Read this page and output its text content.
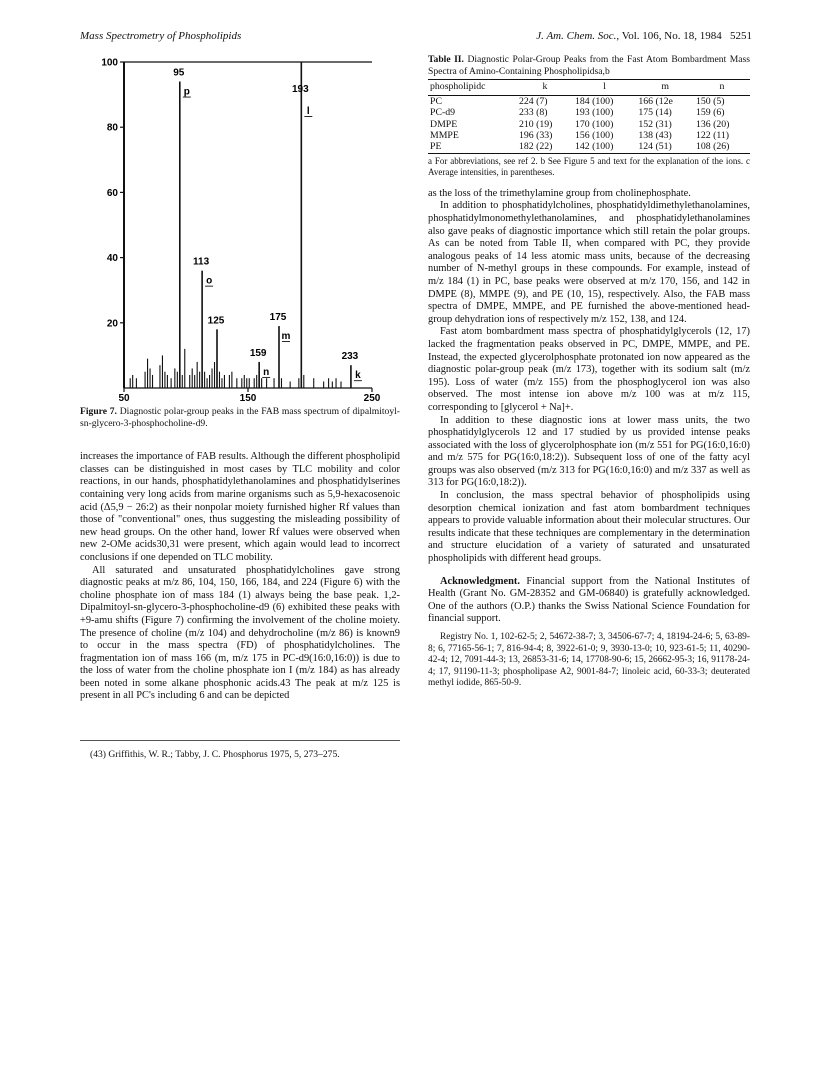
Mass Spectrometry of Phospholipids	J. Am. Chem. Soc., Vol. 106, No. 18, 1984 5251
20
40
60
80
100
50	150	250
95
p
113
o
125
159
n
175
m
193
l
233
k
Figure 7. Diagnostic polar-group peaks in the FAB mass spectrum of dipalmitoyl-sn-glycero-3-phosphocholine-d9.

increases the importance of FAB results. Although the different phospholipid classes can be distinguished in most cases by TLC mobility and color reactions, in our hands, phosphatidylethanolamines and phosphatidylserines containing very long acids from marine organisms such as 5,9-hexacosenoic acid (Δ5,9 − 26:2) as their nonpolar moiety furnished higher Rf values than those of "conventional" ones, thus suggesting the misleading possibility of new head groups. On the other hand, lower Rf values were observed when new 2-OMe acids30,31 were present, which again would lead to incorrect conclusions if one depended on TLC mobility.

All saturated and unsaturated phosphatidylcholines gave strong diagnostic peaks at m/z 86, 104, 150, 166, 184, and 224 (Figure 6) with the choline phosphate ion of mass 184 (1) always being the base peak. 1,2-Dipalmitoyl-sn-glycero-3-phosphocholine-d9 (6) exhibited these peaks with +9-amu shifts (Figure 7) confirming the involvement of the choline moiety. The presence of choline (m/z 104) and dehydrocholine (m/z 86) is known9 to occur in the mass spectra (FD) of phosphatidylcholines. The fragmentation ion of mass 166 (m, m/z 175 in PC-d9(16:0,16:0)) is due to the loss of water from the choline phosphate ion I (m/z 184) as has already been noted in some alkane phosphonic acids.43 The peak at m/z 125 is present in all PC's including 6 and can be depicted

(43) Griffithis, W. R.; Tabby, J. C. Phosphorus 1975, 5, 273–275.
Table II. Diagnostic Polar-Group Peaks from the Fast Atom Bombardment Mass Spectra of Amino-Containing Phospholipidsa,b
phospholipidc	k	l	m	n
PC	224 (7)	184 (100)	166 (12e	150 (5)
PC-d9	233 (8)	193 (100)	175 (14)	159 (6)
DMPE	210 (19)	170 (100)	152 (31)	136 (20)
MMPE	196 (33)	156 (100)	138 (43)	122 (11)
PE	182 (22)	142 (100)	124 (51)	108 (26)
a For abbreviations, see ref 2. b See Figure 5 and text for the explanation of the ions. c Average intensities, in parentheses.

as the loss of the trimethylamine group from cholinephosphate.

In addition to phosphatidylcholines, phosphatidyldimethylethanolamines, phosphatidylmonomethylethanolamines, and phosphatidylethanolamines also gave peaks of diagnostic importance which still retain the polar groups. As can be noted from Table II, when compared with PC, they provide analogous peaks of 14 less atomic mass units, because of the decreasing number of N-methyl groups in these compounds. For example, instead of m/z 184 (1) in PC, base peaks were observed at m/z 170, 156, and 142 in DMPE (8), MMPE (9), and PE (10, 15), respectively. Also, the FAB mass spectra of DMPE, MMPE, and PE furnished the above-mentioned head-group dehydration ions of respectively m/z 152, 138, and 124.

Fast atom bombardment mass spectra of phosphatidylglycerols (12, 17) lacked the fragmentation peaks observed in PC, DMPE, MMPE, and PE. Instead, the expected glycerolphosphate protonated ion now appeared as the diagnostic polar-group peak (m/z 173), together with its sodium salt (m/z 195). Loss of water (m/z 155) from the phosphoglycerol ion was also observed. The most intense ion above m/z 100 was at m/z 115, corresponding to [glycerol + Na]+.

In addition to these diagnostic ions at lower mass units, the two phosphatidylglycerols 12 and 17 studied by us provided intense peaks associated with the loss of glycerolphosphate ion (m/z 551 for PG(16:0,16:0) and m/z 575 for PG(16:0,18:2)). Subsequent loss of one of the fatty acyl groups was also observed (m/z 313 for PG(16:0,16:0) and m/z 337 as well as 313 for PG(16:0,18:2)).

In conclusion, the mass spectral behavior of phospholipids using desorption chemical ionization and fast atom bombardment techniques appears to provide valuable information about their molecular structures. Our results indicate that these techniques are complementary in the determination and structure elucidation of a variety of saturated and unsaturated phospholipids with different head groups.

Acknowledgment. Financial support from the National Institutes of Health (Grant No. GM-28352 and GM-06840) is gratefully acknowledged. One of the authors (O.P.) thanks the Swiss National Science Foundation for financial support.

Registry No. 1, 102-62-5; 2, 54672-38-7; 3, 34506-67-7; 4, 18194-24-6; 5, 63-89-8; 6, 77165-56-1; 7, 816-94-4; 8, 3922-61-0; 9, 3930-13-0; 10, 923-61-5; 11, 40290-42-4; 12, 7091-44-3; 13, 26853-31-6; 14, 17708-90-6; 15, 26662-95-3; 16, 91178-24-4; 17, 91190-11-3; phospholipase A2, 9001-84-7; linoleic acid, 60-33-3; deuterated methyl iodide, 865-50-9.
